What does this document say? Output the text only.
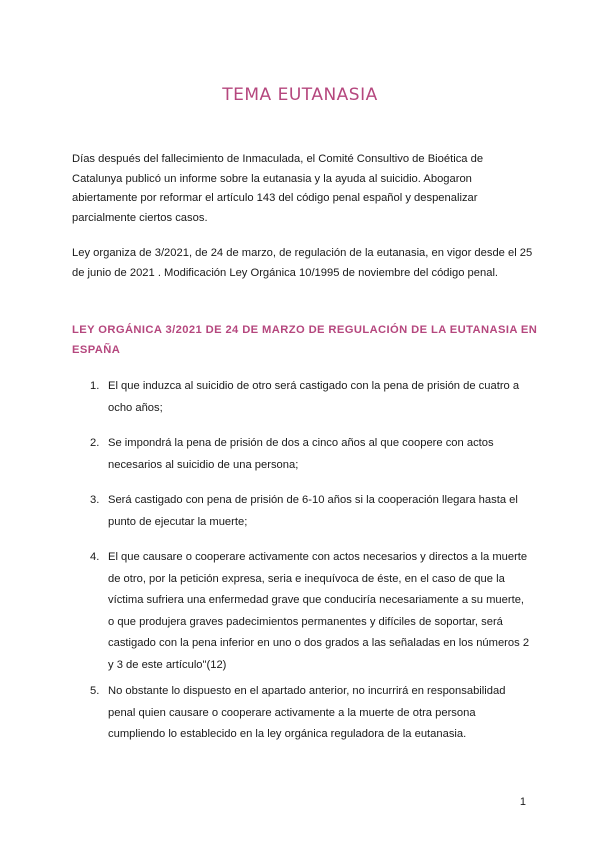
TEMA EUTANASIA

Días después del fallecimiento de Inmaculada, el Comité Consultivo de Bioética de Catalunya publicó un informe sobre la eutanasia y la ayuda al suicidio. Abogaron abiertamente por reformar el artículo 143 del código penal español y despenalizar parcialmente ciertos casos.

Ley organiza de 3/2021, de 24 de marzo, de regulación de la eutanasia, en vigor desde el 25 de junio de 2021 . Modificación Ley Orgánica 10/1995 de noviembre del código penal.

LEY ORGÁNICA 3/2021 DE 24 DE MARZO DE REGULACIÓN DE LA EUTANASIA EN ESPAÑA
1. El que induzca al suicidio de otro será castigado con la pena de prisión de cuatro a ocho años;
2. Se impondrá la pena de prisión de dos a cinco años al que coopere con actos necesarios al suicidio de una persona;
3. Será castigado con pena de prisión de 6-10 años si la cooperación llegara hasta el punto de ejecutar la muerte;
4. El que causare o cooperare activamente con actos necesarios y directos a la muerte de otro, por la petición expresa, seria e inequívoca de éste, en el caso de que la víctima sufriera una enfermedad grave que conduciría necesariamente a su muerte, o que produjera graves padecimientos permanentes y difíciles de soportar, será castigado con la pena inferior en uno o dos grados a las señaladas en los números 2 y 3 de este artículo"(12)
5. No obstante lo dispuesto en el apartado anterior, no incurrirá en responsabilidad penal quien causare o cooperare activamente a la muerte de otra persona cumpliendo lo establecido en la ley orgánica reguladora de la eutanasia.
1
